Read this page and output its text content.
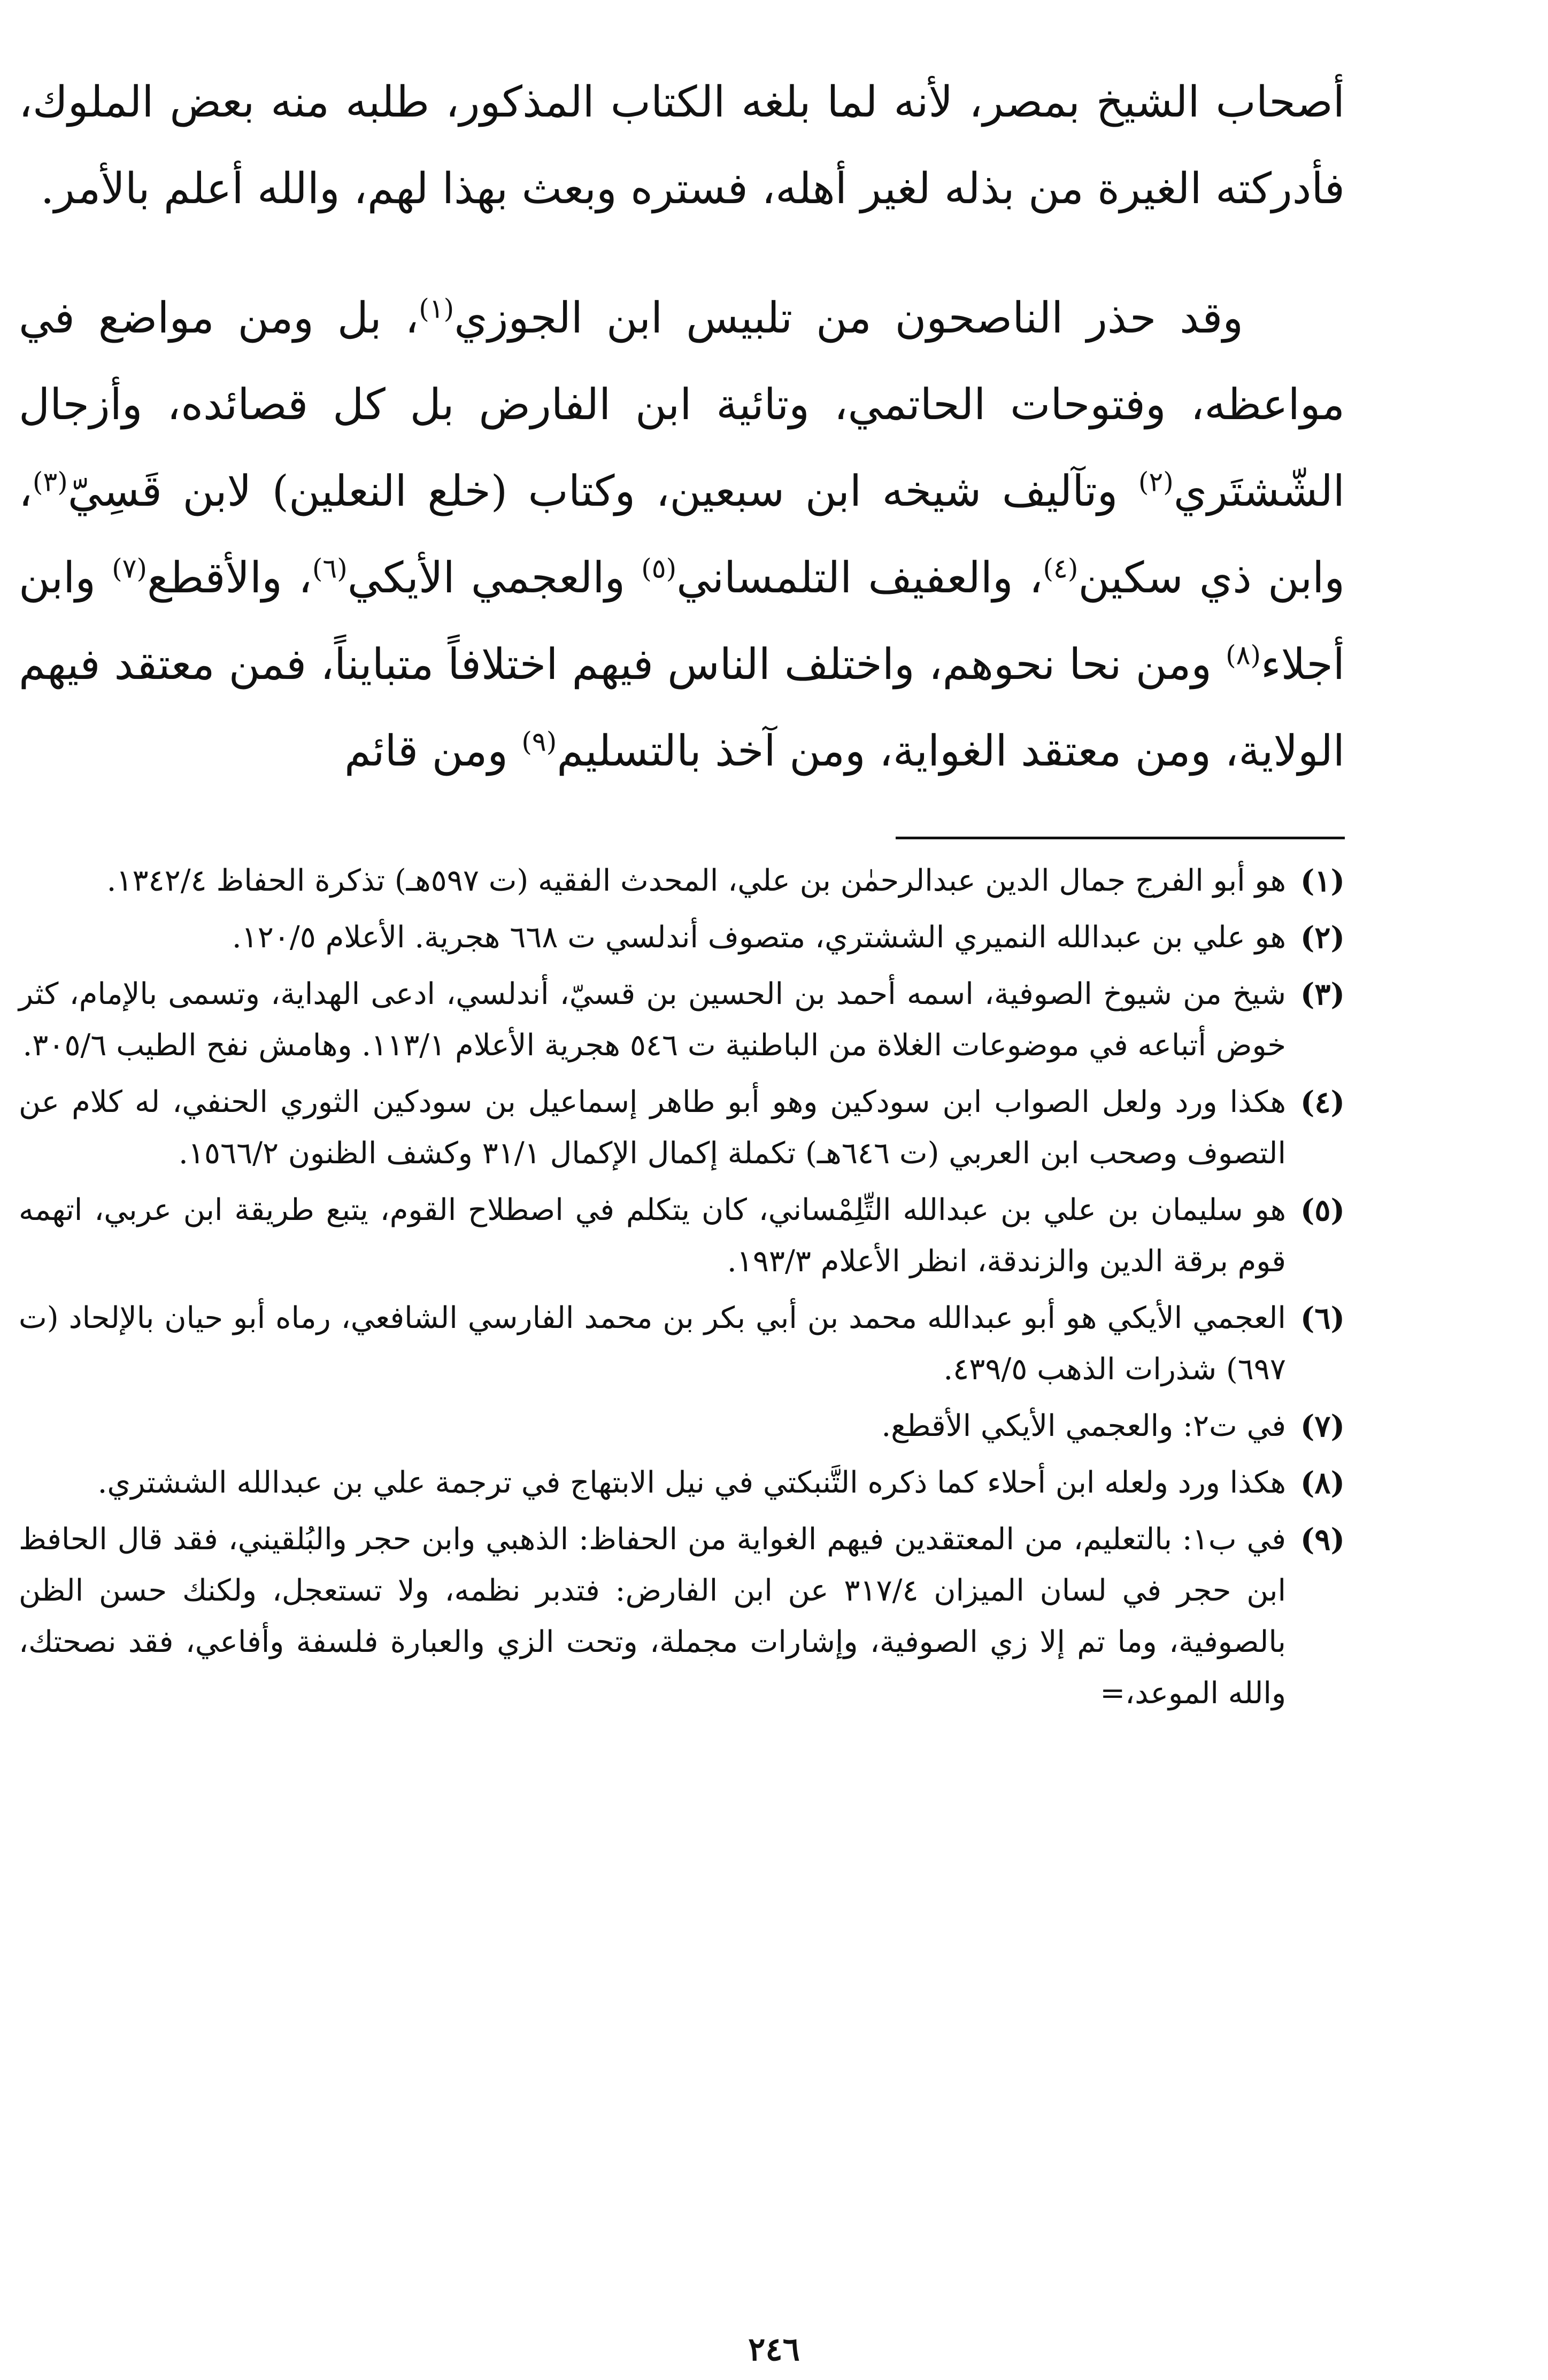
أصحاب الشيخ بمصر، لأنه لما بلغه الكتاب المذكور، طلبه منه بعض الملوك، فأدركته الغيرة من بذله لغير أهله، فستره وبعث بهذا لهم، والله أعلم بالأمر.

وقد حذر الناصحون من تلبيس ابن الجوزي$^{(١)}$، بل ومن مواضع في مواعظه، وفتوحات الحاتمي، وتائية ابن الفارض بل كل قصائده، وأزجال الشّشتَري$^{(٢)}$ وتآليف شيخه ابن سبعين، وكتاب (خلع النعلين) لابن قَسِيّ$^{(٣)}$، وابن ذي سكين$^{(٤)}$، والعفيف التلمساني$^{(٥)}$ والعجمي الأيكي$^{(٦)}$، والأقطع$^{(٧)}$ وابن أجلاء$^{(٨)}$ ومن نحا نحوهم، واختلف الناس فيهم اختلافاً متبايناً، فمن معتقد فيهم الولاية، ومن معتقد الغواية، ومن آخذ بالتسليم$^{(٩)}$ ومن قائم

(١)
هو أبو الفرج جمال الدين عبدالرحمٰن بن علي، المحدث الفقيه (ت ٥٩٧هـ) تذكرة الحفاظ ١٣٤٢/٤.
(٢)
هو علي بن عبدالله النميري الششتري، متصوف أندلسي ت ٦٦٨ هجرية. الأعلام ١٢٠/٥.
(٣)
شيخ من شيوخ الصوفية، اسمه أحمد بن الحسين بن قسيّ، أندلسي، ادعى الهداية، وتسمى بالإمام، كثر خوض أتباعه في موضوعات الغلاة من الباطنية ت ٥٤٦ هجرية الأعلام ١١٣/١. وهامش نفح الطيب ٣٠٥/٦.
(٤)
هكذا ورد ولعل الصواب ابن سودكين وهو أبو طاهر إسماعيل بن سودكين الثوري الحنفي، له كلام عن التصوف وصحب ابن العربي (ت ٦٤٦هـ) تكملة إكمال الإكمال ٣١/١ وكشف الظنون ١٥٦٦/٢.
(٥)
هو سليمان بن علي بن عبدالله التِّلِمْساني، كان يتكلم في اصطلاح القوم، يتبع طريقة ابن عربي، اتهمه قوم برقة الدين والزندقة، انظر الأعلام ١٩٣/٣.
(٦)
العجمي الأيكي هو أبو عبدالله محمد بن أبي بكر بن محمد الفارسي الشافعي، رماه أبو حيان بالإلحاد (ت ٦٩٧) شذرات الذهب ٤٣٩/٥.
(٧)
في ت٢: والعجمي الأيكي الأقطع.
(٨)
هكذا ورد ولعله ابن أحلاء كما ذكره التَّنبكتي في نيل الابتهاج في ترجمة علي بن عبدالله الششتري.
(٩)
في ب١: بالتعليم، من المعتقدين فيهم الغواية من الحفاظ: الذهبي وابن حجر والبُلقيني، فقد قال الحافظ ابن حجر في لسان الميزان ٣١٧/٤ عن ابن الفارض: فتدبر نظمه، ولا تستعجل، ولكنك حسن الظن بالصوفية، وما تم إلا زي الصوفية، وإشارات مجملة، وتحت الزي والعبارة فلسفة وأفاعي، فقد نصحتك، والله الموعد،=
٢٤٦
